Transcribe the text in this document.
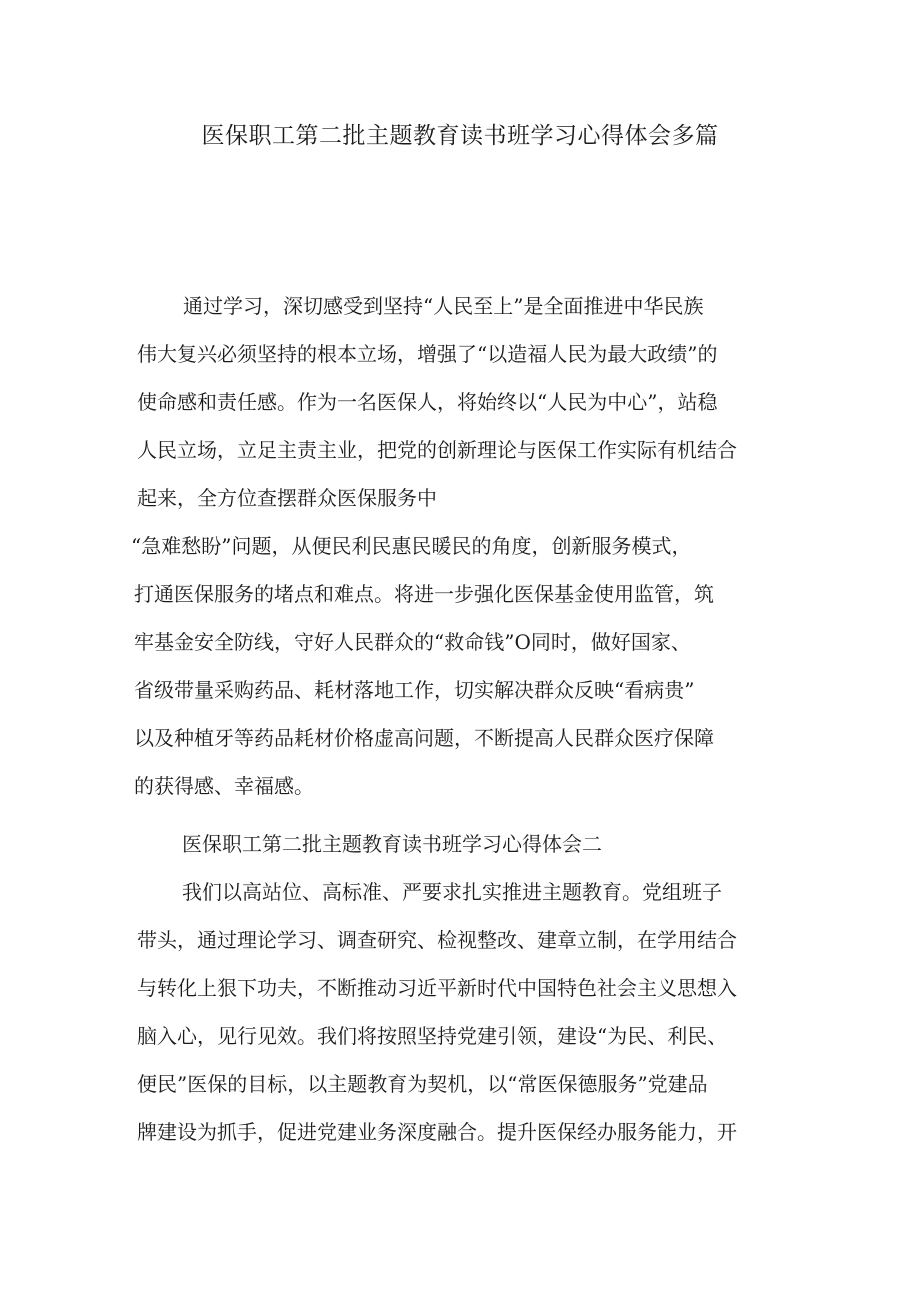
医保职工第二批主题教育读书班学习心得体会多篇
通过学习，深切感受到坚持“人民至上”是全面推进中华民族
伟大复兴必须坚持的根本立场，增强了“以造福人民为最大政绩”的
使命感和责任感。作为一名医保人，将始终以“人民为中心”，站稳
人民立场，立足主责主业，把党的创新理论与医保工作实际有机结合
起来，全方位查摆群众医保服务中
“急难愁盼”问题，从便民利民惠民暖民的角度，创新服务模式，
打通医保服务的堵点和难点。将进一步强化医保基金使用监管，筑
牢基金安全防线，守好人民群众的“救命钱”O同时，做好国家、
省级带量采购药品、耗材落地工作，切实解决群众反映“看病贵”
以及种植牙等药品耗材价格虚高问题，不断提高人民群众医疗保障
的获得感、幸福感。
医保职工第二批主题教育读书班学习心得体会二
我们以高站位、高标准、严要求扎实推进主题教育。党组班子
带头，通过理论学习、调查研究、检视整改、建章立制，在学用结合
与转化上狠下功夫，不断推动习近平新时代中国特色社会主义思想入
脑入心，见行见效。我们将按照坚持党建引领，建设“为民、利民、
便民”医保的目标，以主题教育为契机，以“常医保德服务”党建品
牌建设为抓手，促进党建业务深度融合。提升医保经办服务能力，开
